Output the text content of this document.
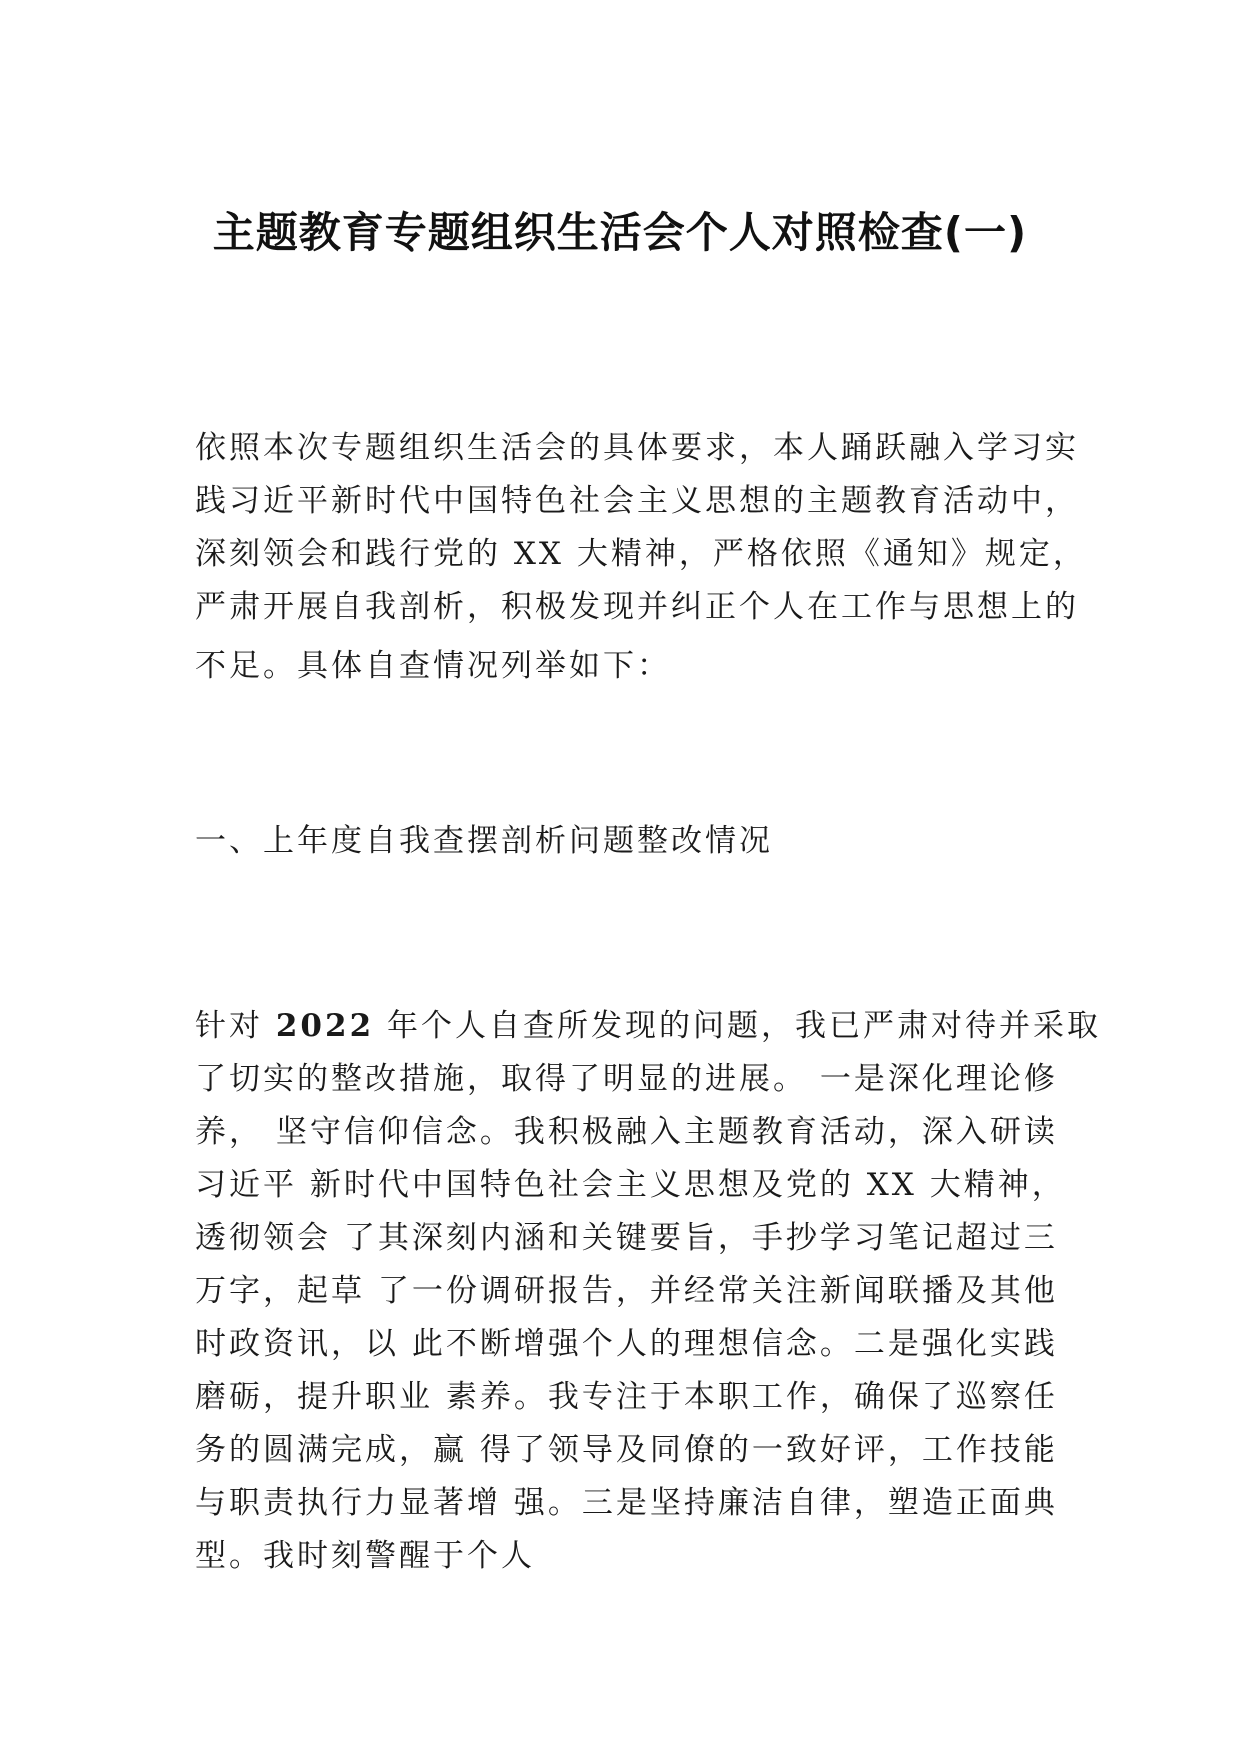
主题教育专题组织生活会个人对照检查(一)
依照本次专题组织生活会的具体要求，本人踊跃融入学习实
践习近平新时代中国特色社会主义思想的主题教育活动中，
深刻领会和践行党的 XX 大精神，严格依照《通知》规定，
严肃开展自我剖析，积极发现并纠正个人在工作与思想上的
不足。具体自查情况列举如下：
一、上年度自我查摆剖析问题整改情况
针对 2022 年个人自查所发现的问题，我已严肃对待并采取
了切实的整改措施，取得了明显的进展。 一是深化理论修
养， 坚守信仰信念。我积极融入主题教育活动，深入研读
习近平 新时代中国特色社会主义思想及党的 XX 大精神，
透彻领会 了其深刻内涵和关键要旨，手抄学习笔记超过三
万字，起草 了一份调研报告，并经常关注新闻联播及其他
时政资讯，以 此不断增强个人的理想信念。二是强化实践
磨砺，提升职业 素养。我专注于本职工作，确保了巡察任
务的圆满完成，赢 得了领导及同僚的一致好评，工作技能
与职责执行力显著增 强。三是坚持廉洁自律，塑造正面典
型。我时刻警醒于个人
